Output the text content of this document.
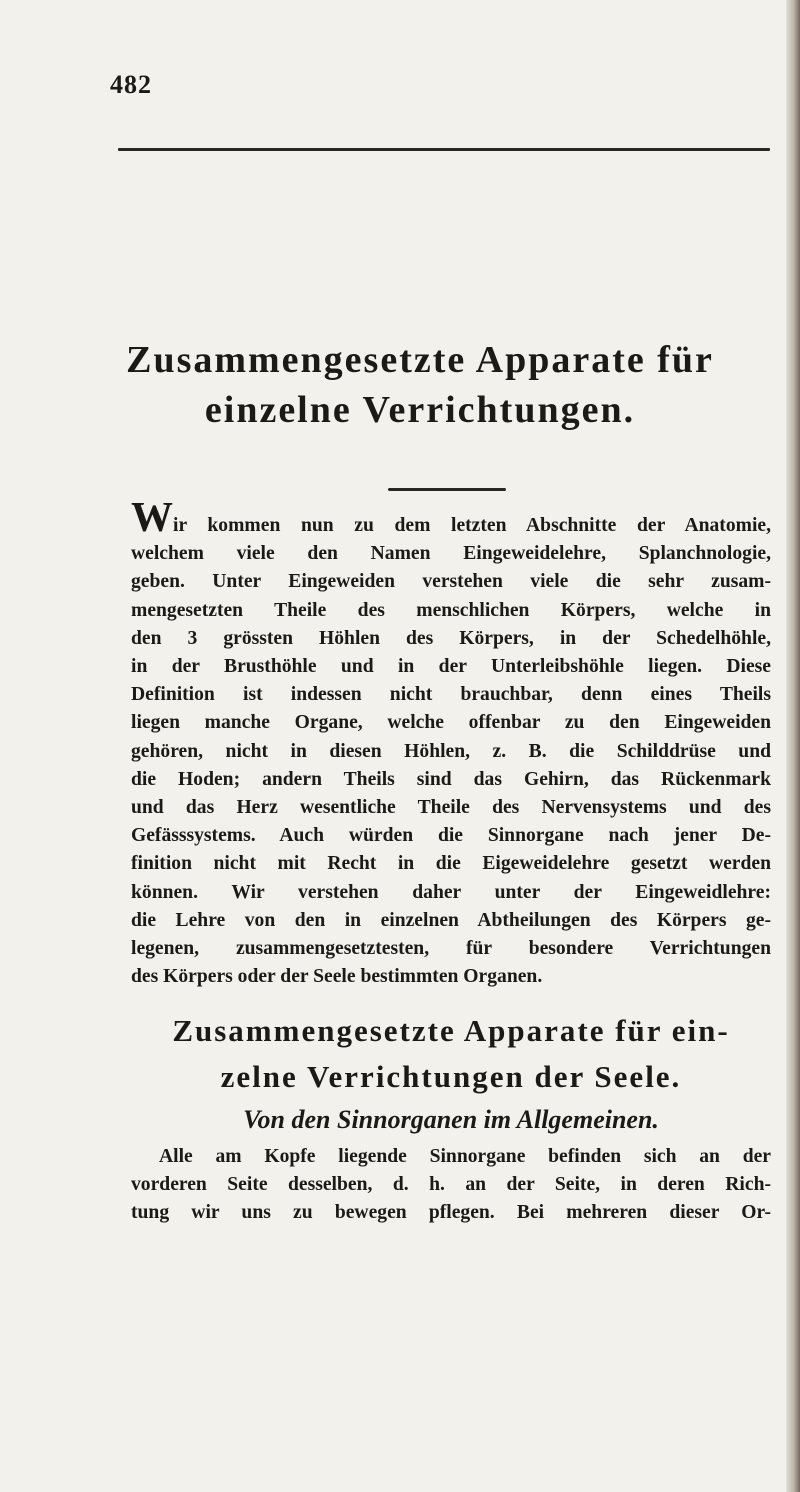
482
Zusammengesetzte Apparate für
einzelne Verrichtungen.
Wir kommen nun zu dem letzten Abschnitte der Anatomie,
welchem viele den Namen Eingeweidelehre, Splanchnologie,
geben. Unter Eingeweiden verstehen viele die sehr zusam-
mengesetzten Theile des menschlichen Körpers, welche in
den 3 grössten Höhlen des Körpers, in der Schedelhöhle,
in der Brusthöhle und in der Unterleibshöhle liegen. Diese
Definition ist indessen nicht brauchbar, denn eines Theils
liegen manche Organe, welche offenbar zu den Eingeweiden
gehören, nicht in diesen Höhlen, z. B. die Schilddrüse und
die Hoden; andern Theils sind das Gehirn, das Rückenmark
und das Herz wesentliche Theile des Nervensystems und des
Gefässsystems. Auch würden die Sinnorgane nach jener De-
finition nicht mit Recht in die Eigeweidelehre gesetzt werden
können. Wir verstehen daher unter der Eingeweidlehre:
die Lehre von den in einzelnen Abtheilungen des Körpers ge-
legenen, zusammengesetztesten, für besondere Verrichtungen
des Körpers oder der Seele bestimmten Organen.
Zusammengesetzte Apparate für ein-
zelne Verrichtungen der Seele.
Von den Sinnorganen im Allgemeinen.
Alle am Kopfe liegende Sinnorgane befinden sich an der
vorderen Seite desselben, d. h. an der Seite, in deren Rich-
tung wir uns zu bewegen pflegen. Bei mehreren dieser Or-
